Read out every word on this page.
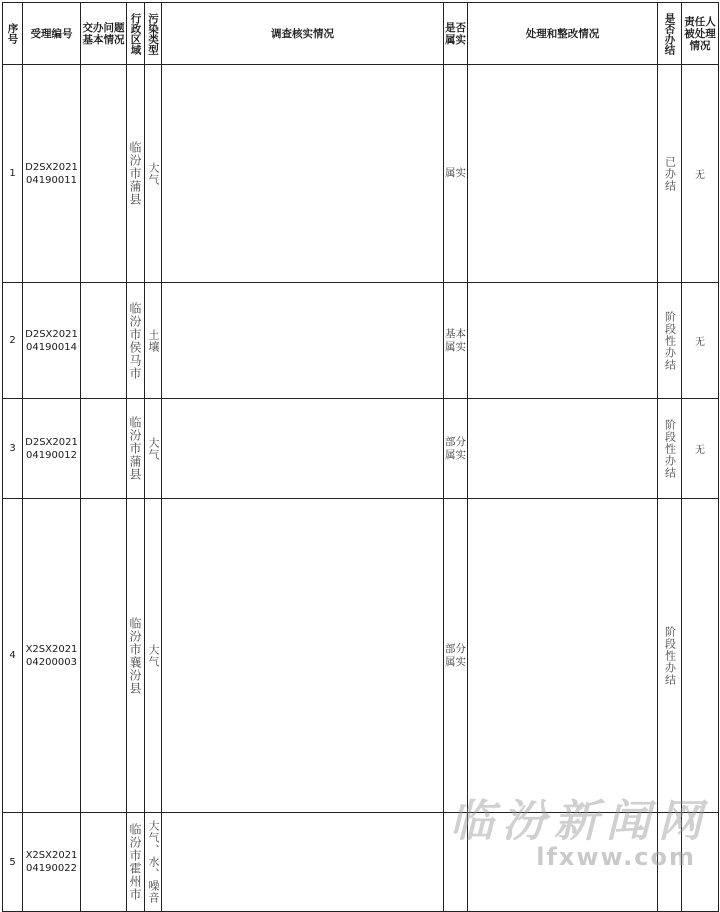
序号	受理编号	交办问题基本情况	行政区域	污染类型	调查核实情况	是否属实	处理和整改情况	是否办结	责任人被处理情况
1	D2SX202104190011		临汾市蒲县	大气		属实		已办结	无
2	D2SX202104190014		临汾市侯马市	土壤		基本属实		阶段性办结	无
3	D2SX202104190012		临汾市蒲县	大气		部分属实		阶段性办结	无
4	X2SX202104200003		临汾市襄汾县	大气		部分属实		阶段性办结	

5	X2SX202104190022		临汾市霍州市	大气、水、噪音					

		临汾新闻网
lfxww.com
